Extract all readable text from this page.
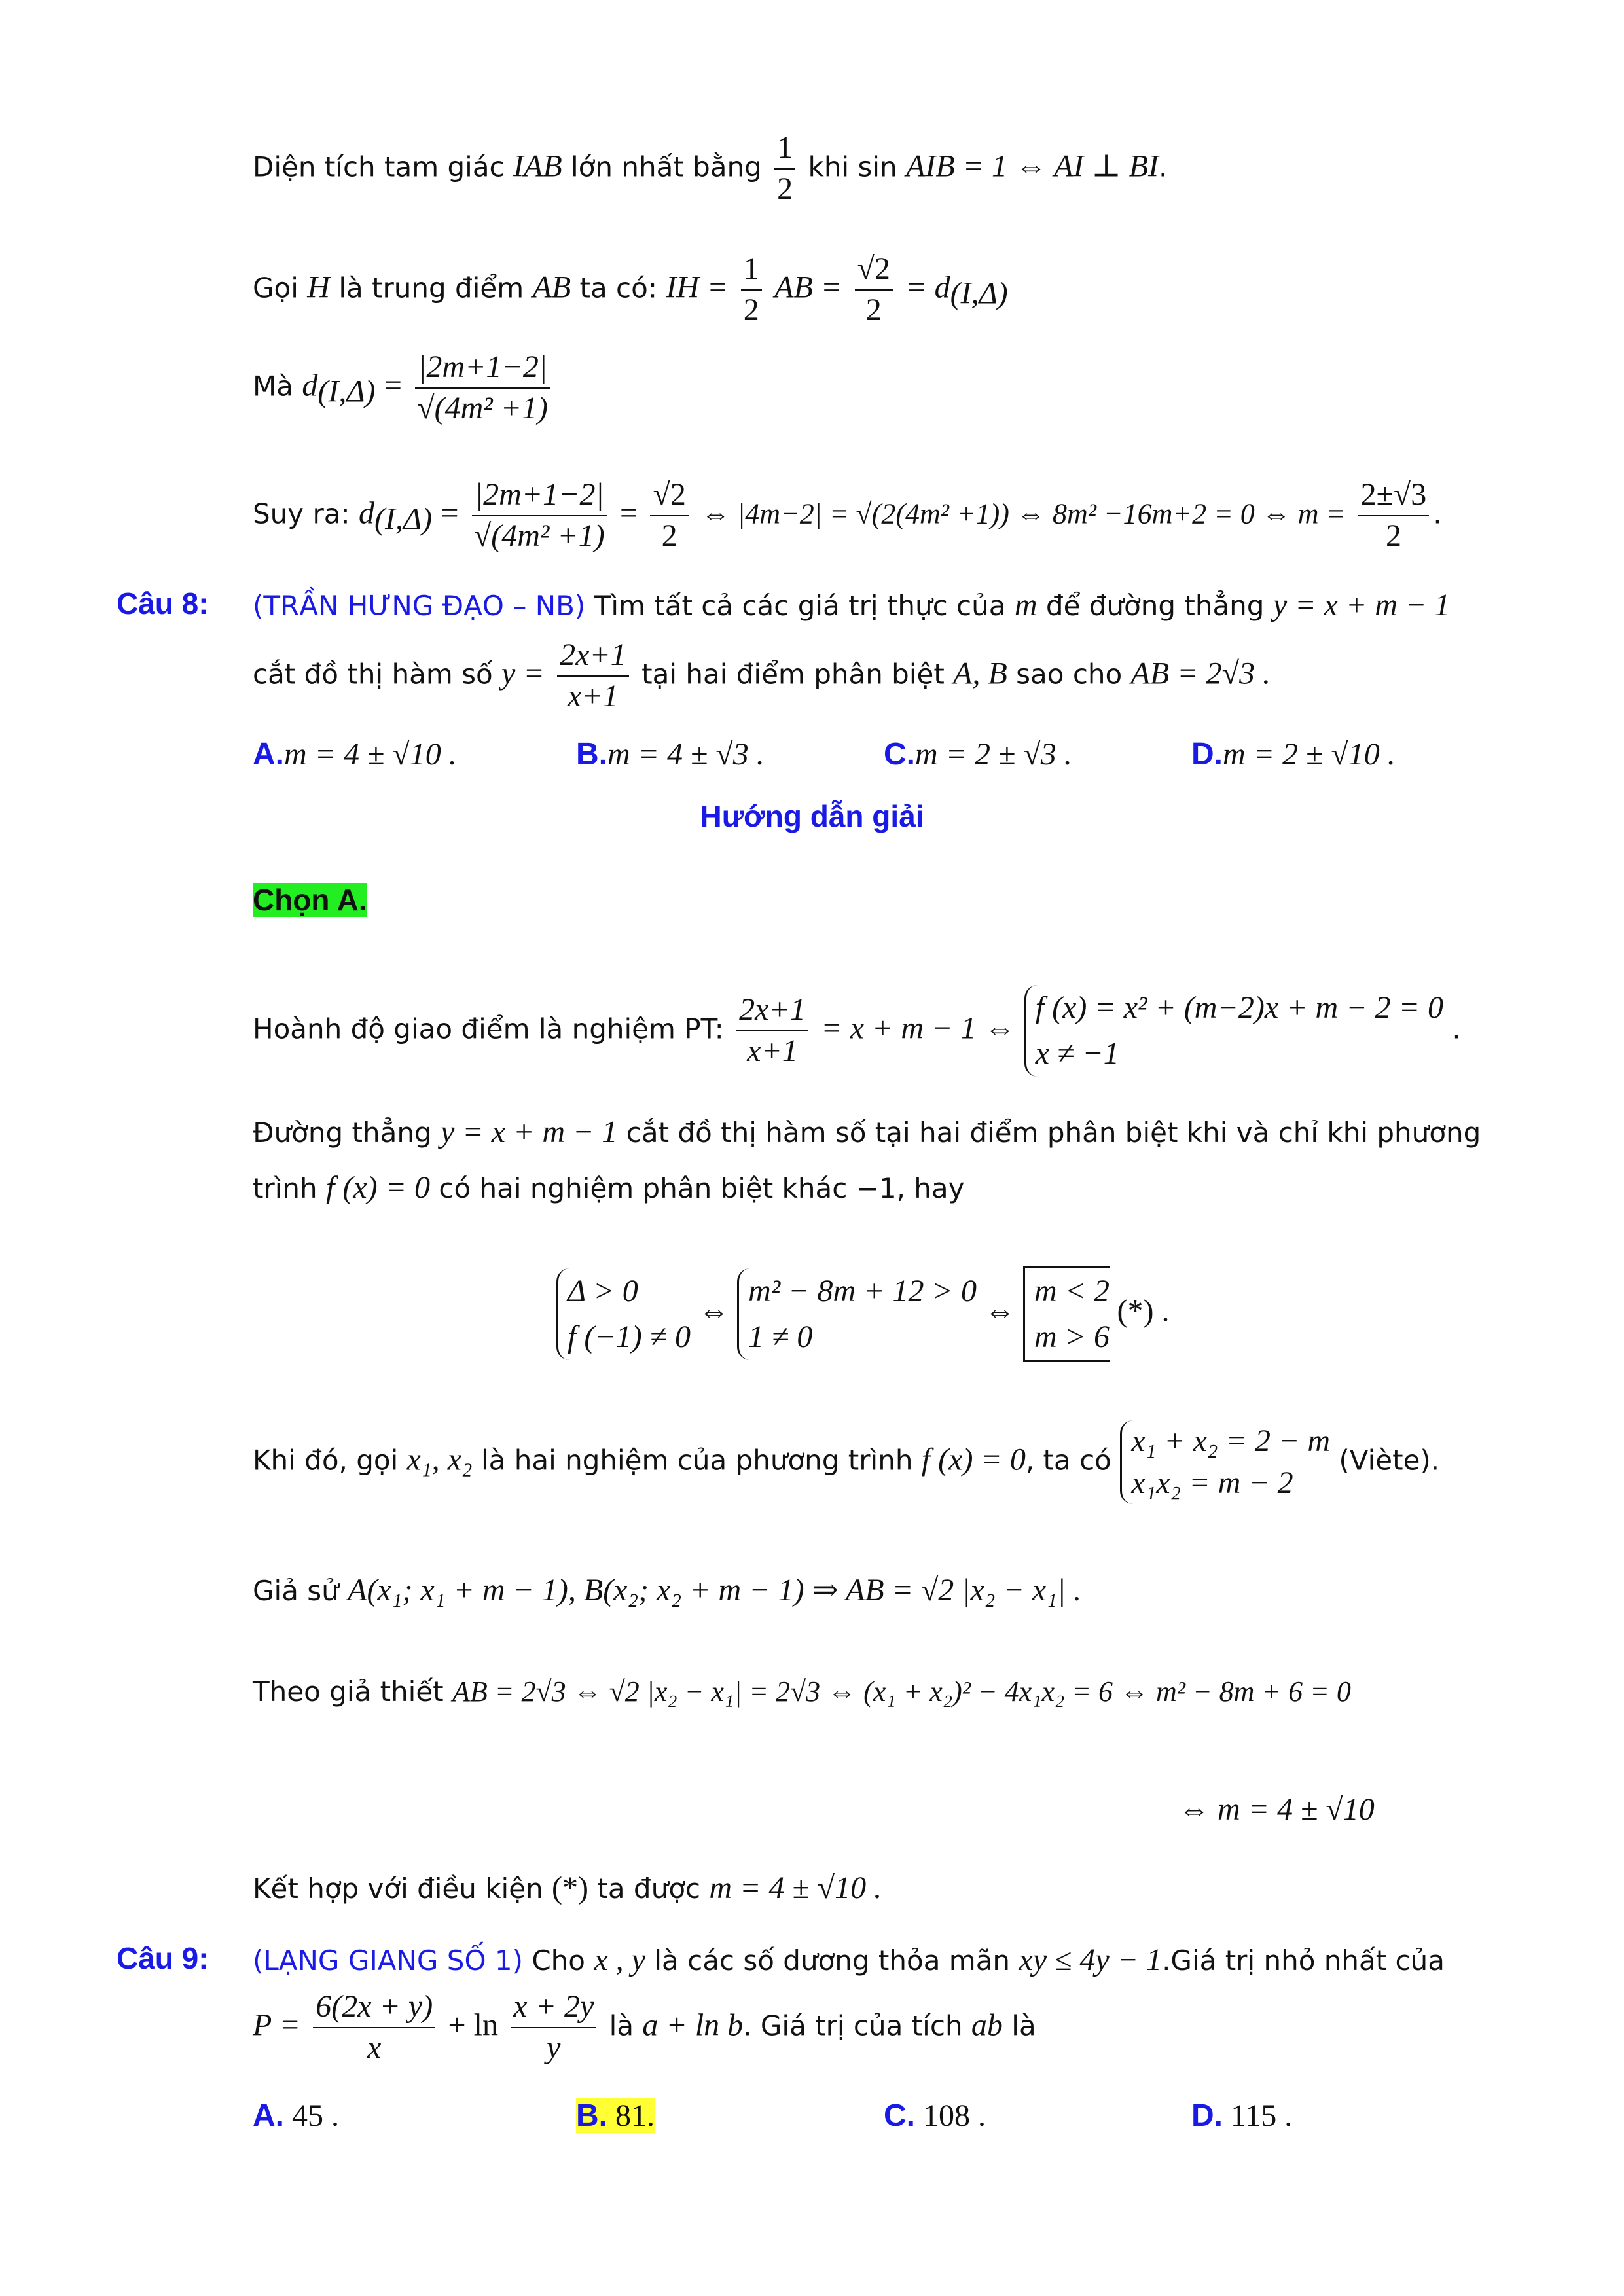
Diện tích tam giác IAB lớn nhất bằng $\frac{1}{2}$ khi sin AIB = 1 ⇔ AI ⊥ BI.
Gọi H là trung điểm AB ta có: IH = $\frac{1}{2}$ AB = $\frac{√2}{2} = d_{(I,\Delta)}$
Mà $d_{(I,\Delta)} = \frac{|2m+1-2|}{\text{√(4m² +1)}}$
Suy ra: $d_{(I,\Delta)} = \frac{|2m+1-2|}{\text{√(4m² +1)}} = \frac{√2}{2}$ ⇔ |4m−2| = √(2(4m² +1)) ⇔ 8m² −16m+2 = 0 ⇔ $m = \frac{2\pm√3}{2}$ .
Câu 8: (TRẦN HƯNG ĐẠO – NB) Tìm tất cả các giá trị thực của m để đường thẳng y = x + m − 1
cắt đồ thị hàm số $y = \frac{2x+1}{x+1}$ tại hai điểm phân biệt A, B sao cho AB = 2√3 .
A.m = 4 ± √10 .	B.m = 4 ± √3 .	C.m = 2 ± √3 .	D.m = 2 ± √10 .
Hướng dẫn giải
Chọn A.
Hoành độ giao điểm là nghiệm PT: $\frac{2x+1}{x+1} = x + m - 1$ ⇔
f (x) = x² + (m−2)x + m − 2 = 0
x ≠ −1
.
Đường thẳng y = x + m − 1 cắt đồ thị hàm số tại hai điểm phân biệt khi và chỉ khi phương
trình f (x) = 0 có hai nghiệm phân biệt khác −1, hay
Δ > 0
f (−1) ≠ 0
⇔
m² − 8m + 12 > 0
1 ≠ 0
⇔
m < 2
m > 6
(*) .
Khi đó, gọi x₁, x₂ là hai nghiệm của phương trình f (x) = 0, ta có
x₁ + x₂ = 2 − m
x₁x₂ = m − 2
(Viète).
Giả sử A(x₁; x₁ + m − 1), B(x₂; x₂ + m − 1) ⇒ AB = √2 |x₂ − x₁| .
Theo giả thiết AB = 2√3 ⇔ √2 |x₂ − x₁| = 2√3 ⇔ (x₁ + x₂)² − 4x₁x₂ = 6 ⇔ m² − 8m + 6 = 0
⇔ m = 4 ± √10
Kết hợp với điều kiện (*) ta được m = 4 ± √10 .
Câu 9: (LẠNG GIANG SỐ 1) Cho x , y là các số dương thỏa mãn xy ≤ 4y − 1.Giá trị nhỏ nhất của
$P = \frac{6(2x + y)}{x} + \ln \frac{x + 2y}{y}$ là a + ln b. Giá trị của tích ab là
A. 45 .	B. 81.	C. 108 .	D. 115 .
